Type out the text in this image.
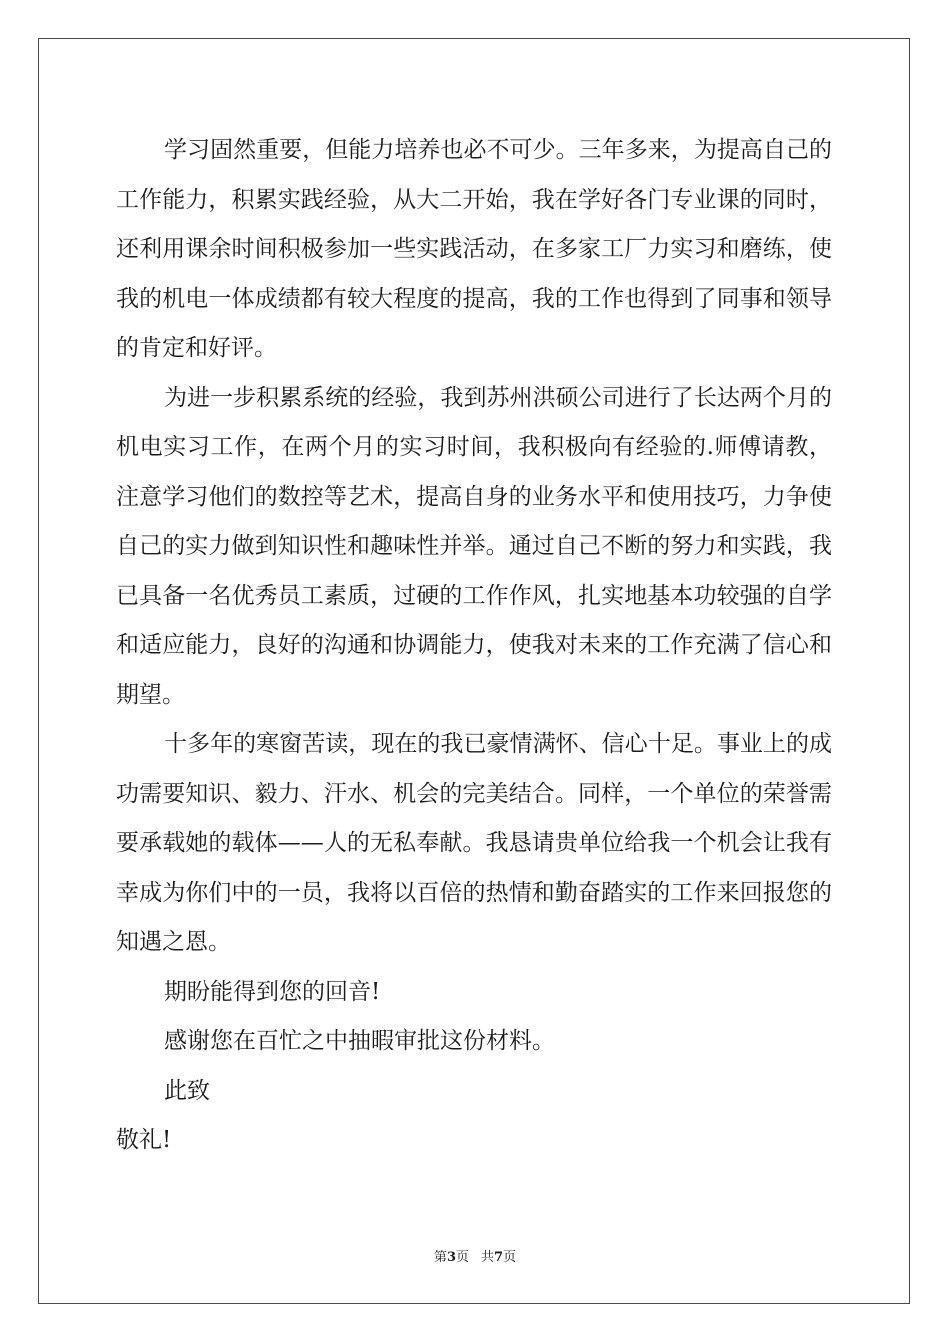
学习固然重要，但能力培养也必不可少。三年多来，为提高自己的工作能力，积累实践经验，从大二开始，我在学好各门专业课的同时，还利用课余时间积极参加一些实践活动，在多家工厂力实习和磨练，使我的机电一体成绩都有较大程度的提高，我的工作也得到了同事和领导的肯定和好评。

为进一步积累系统的经验，我到苏州洪硕公司进行了长达两个月的机电实习工作，在两个月的实习时间，我积极向有经验的.师傅请教，注意学习他们的数控等艺术，提高自身的业务水平和使用技巧，力争使自己的实力做到知识性和趣味性并举。通过自己不断的努力和实践，我已具备一名优秀员工素质，过硬的工作作风，扎实地基本功较强的自学和适应能力，良好的沟通和协调能力，使我对未来的工作充满了信心和期望。

十多年的寒窗苦读，现在的我已豪情满怀、信心十足。事业上的成功需要知识、毅力、汗水、机会的完美结合。同样，一个单位的荣誉需要承载她的载体——人的无私奉献。我恳请贵单位给我一个机会让我有幸成为你们中的一员，我将以百倍的热情和勤奋踏实的工作来回报您的知遇之恩。

期盼能得到您的回音!

感谢您在百忙之中抽暇审批这份材料。

此致

敬礼!

第3页 共7页
